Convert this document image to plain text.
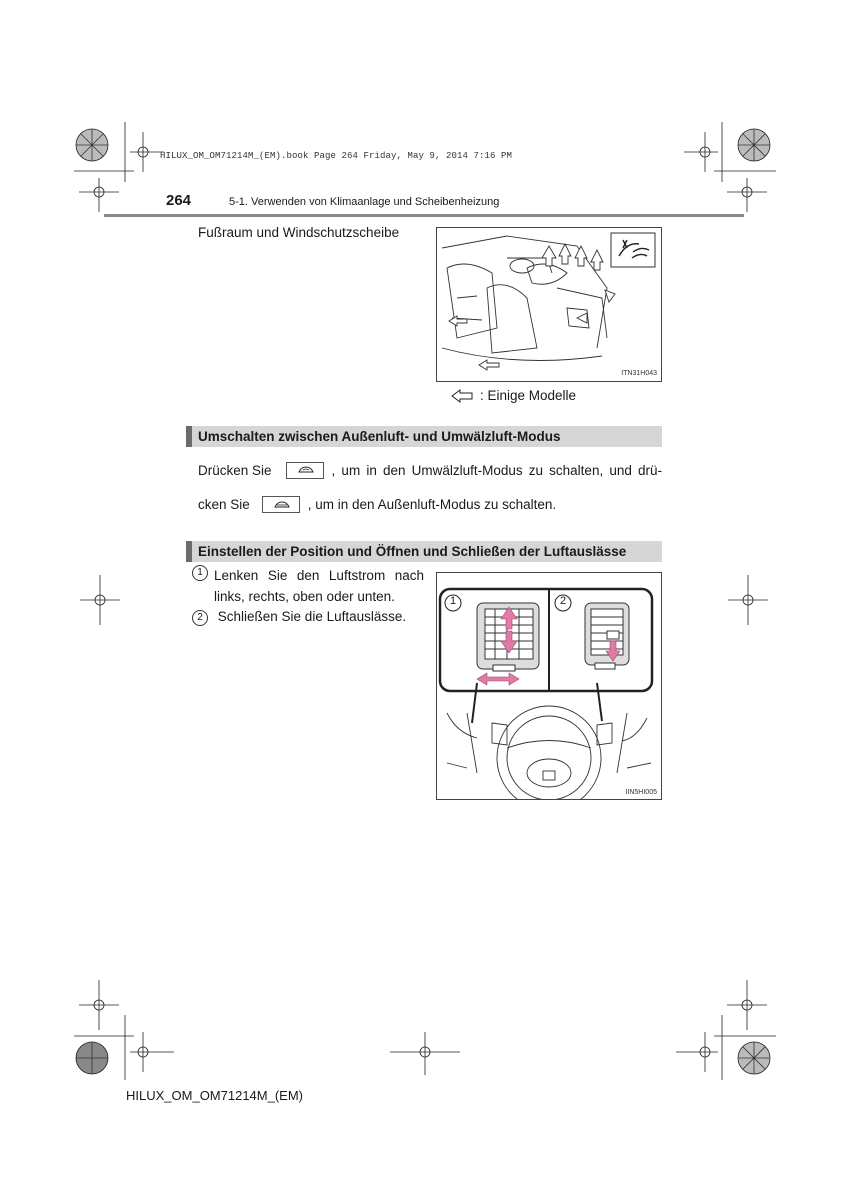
HILUX_OM_OM71214M_(EM).book Page 264 Friday, May 9, 2014 7:16 PM
264	5-1. Verwenden von Klimaanlage und Scheibenheizung
Fußraum und Windschutzscheibe
ITN31H043
: Einige Modelle
Umschalten zwischen Außenluft- und Umwälzluft-Modus
Drücken Sie	, um in den Umwälzluft-Modus zu schalten, und drü-
cken Sie	, um in den Außenluft-Modus zu schalten.
Einstellen der Position und Öffnen und Schließen der Luftauslässe
1 Lenken Sie den Luftstrom nach
links, rechts, oben oder unten.
2 Schließen Sie die Luftauslässe.
1	2
IIN5HI005
HILUX_OM_OM71214M_(EM)
